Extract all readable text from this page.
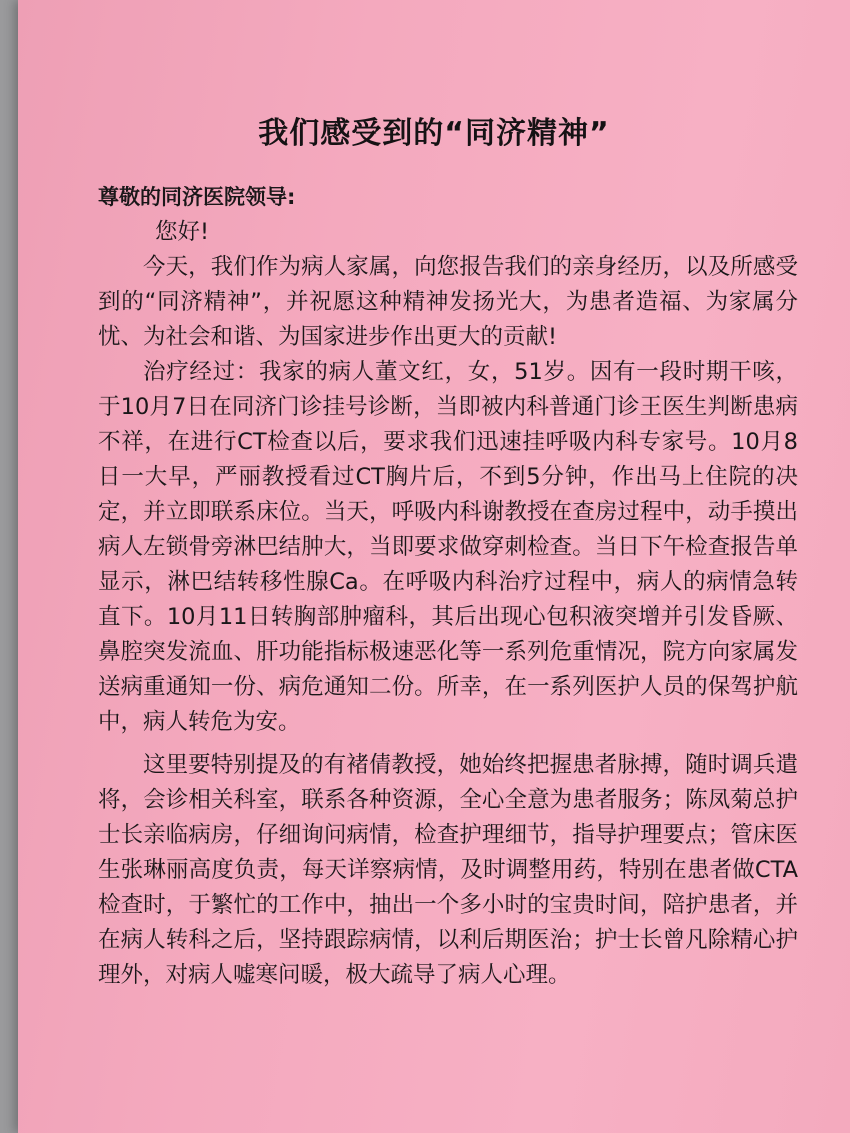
我们感受到的“同济精神”

尊敬的同济医院领导:

您好!

今天，我们作为病人家属，向您报告我们的亲身经历，以及所感受到的“同济精神”，并祝愿这种精神发扬光大，为患者造福、为家属分忧、为社会和谐、为国家进步作出更大的贡献!

治疗经过：我家的病人董文红，女，51岁。因有一段时期干咳，于10月7日在同济门诊挂号诊断，当即被内科普通门诊王医生判断患病不祥，在进行CT检查以后，要求我们迅速挂呼吸内科专家号。10月8日一大早，严丽教授看过CT胸片后，不到5分钟，作出马上住院的决定，并立即联系床位。当天，呼吸内科谢教授在查房过程中，动手摸出病人左锁骨旁淋巴结肿大，当即要求做穿刺检查。当日下午检查报告单显示，淋巴结转移性腺Ca。在呼吸内科治疗过程中，病人的病情急转直下。10月11日转胸部肿瘤科，其后出现心包积液突增并引发昏厥、鼻腔突发流血、肝功能指标极速恶化等一系列危重情况，院方向家属发送病重通知一份、病危通知二份。所幸，在一系列医护人员的保驾护航中，病人转危为安。

这里要特别提及的有褚倩教授，她始终把握患者脉搏，随时调兵遣将，会诊相关科室，联系各种资源，全心全意为患者服务；陈凤菊总护士长亲临病房，仔细询问病情，检查护理细节，指导护理要点；管床医生张琳丽高度负责，每天详察病情，及时调整用药，特别在患者做CTA检查时，于繁忙的工作中，抽出一个多小时的宝贵时间，陪护患者，并在病人转科之后，坚持跟踪病情，以利后期医治；护士长曾凡除精心护理外，对病人嘘寒问暖，极大疏导了病人心理。
